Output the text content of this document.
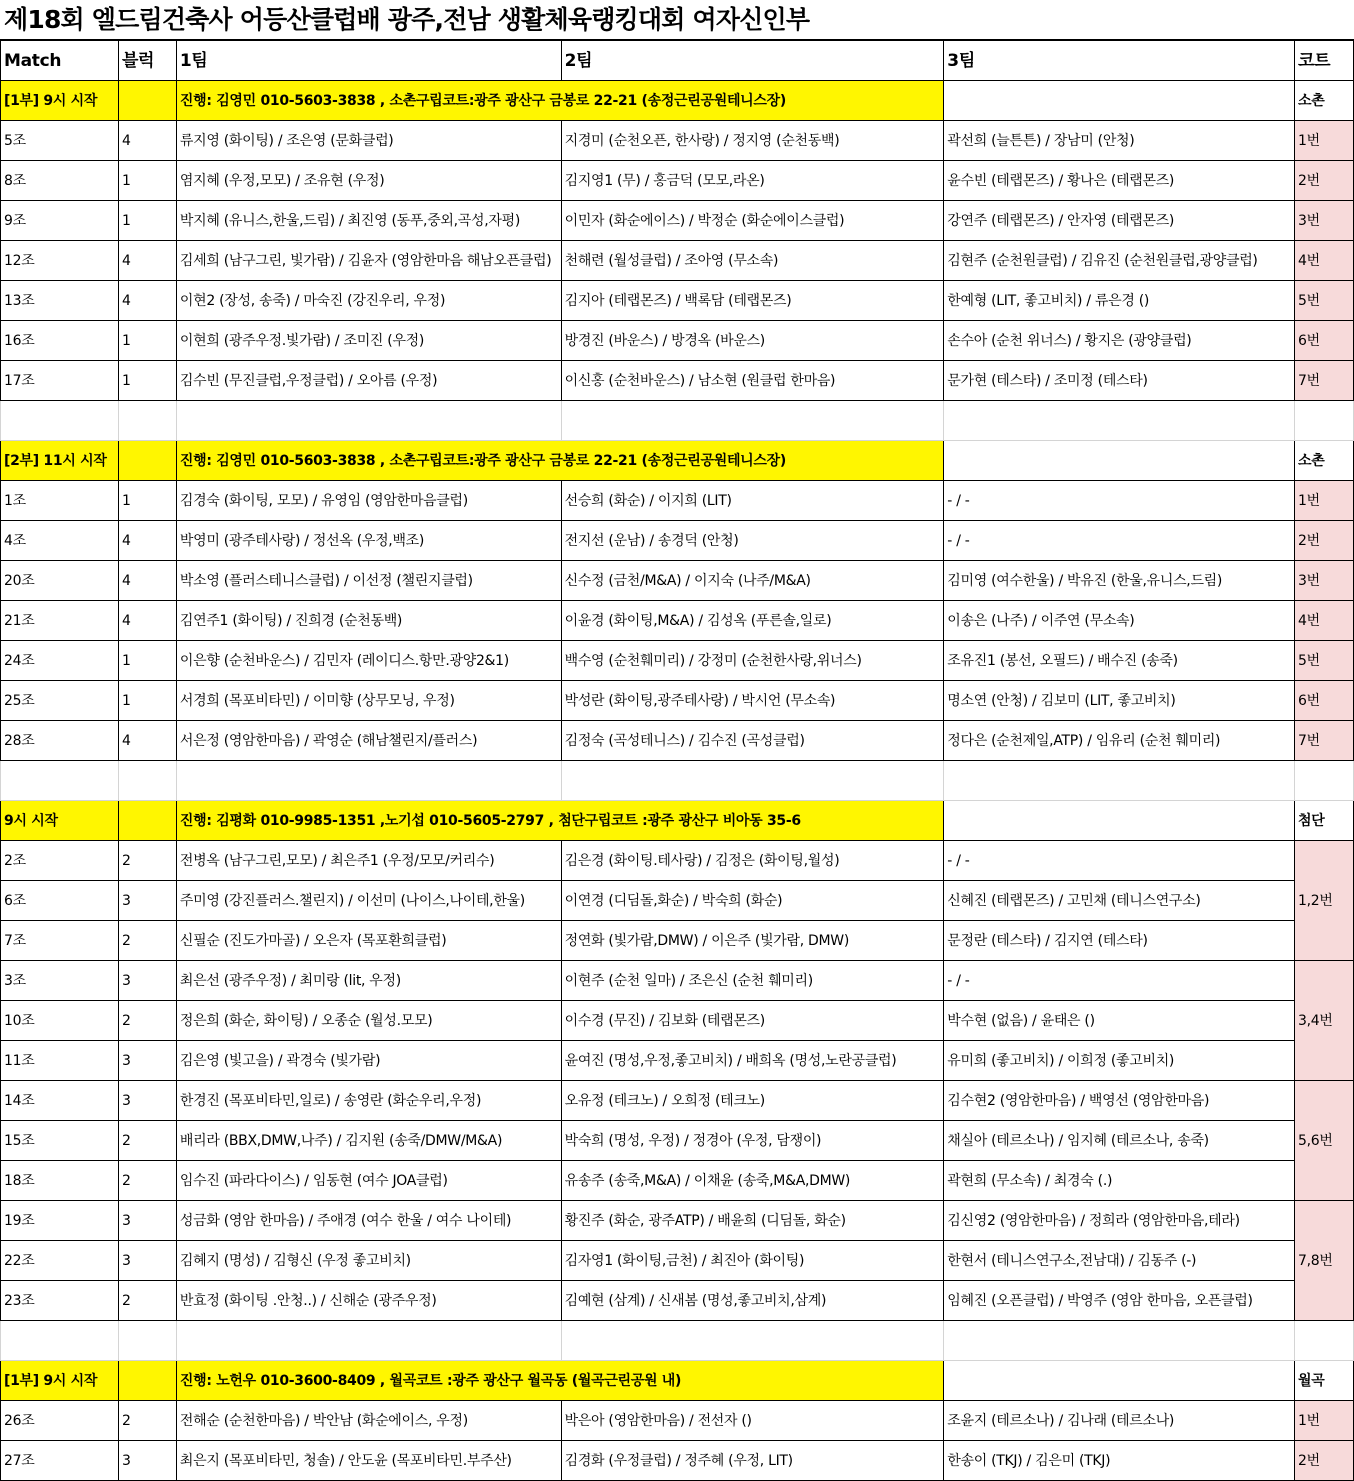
제18회 엘드림건축사 어등산클럽배 광주,전남 생활체육랭킹대회 여자신인부
Match	블럭	1팀	2팀	3팀	코트
[1부] 9시 시작		진행: 김영민 010-5603-3838 , 소촌구립코트:광주 광산구 금봉로 22-21 (송정근린공원테니스장)			소촌
5조	4	류지영 (화이팅) / 조은영 (문화클럽)	지경미 (순천오픈, 한사랑) / 정지영 (순천동백)	곽선희 (늘튼튼) / 장남미 (안청)	1번
8조	1	염지혜 (우정,모모) / 조유현 (우정)	김지영1 (무) / 홍금덕 (모모,라온)	윤수빈 (테랩몬즈) / 황나은 (테랩몬즈)	2번
9조	1	박지혜 (유니스,한울,드림) / 최진영 (동푸,중외,곡성,자평)	이민자 (화순에이스) / 박정순 (화순에이스클럽)	강연주 (테랩몬즈) / 안자영 (테랩몬즈)	3번
12조	4	김세희 (남구그린, 빛가람) / 김윤자 (영암한마음 해남오픈클럽)	천해련 (월성클럽) / 조아영 (무소속)	김현주 (순천원클럽) / 김유진 (순천원클럽,광양클럽)	4번
13조	4	이현2 (장성, 송죽) / 마숙진 (강진우리, 우정)	김지아 (테랩몬즈) / 백록담 (테랩몬즈)	한예형 (LIT, 좋고비치) / 류은경 ()	5번
16조	1	이현희 (광주우정.빛가람) / 조미진 (우정)	방경진 (바운스) / 방경옥 (바운스)	손수아 (순천 위너스) / 황지은 (광양클럽)	6번
17조	1	김수빈 (무진클럽,우정클럽) / 오아름 (우정)	이신홍 (순천바운스) / 남소현 (원클럽 한마음)	문가현 (테스타) / 조미정 (테스타)	7번

[2부] 11시 시작		진행: 김영민 010-5603-3838 , 소촌구립코트:광주 광산구 금봉로 22-21 (송정근린공원테니스장)			소촌
1조	1	김경숙 (화이팅, 모모) / 유영임 (영암한마음클럽)	선승희 (화순) / 이지희 (LIT)	- / -	1번
4조	4	박영미 (광주테사랑) / 정선옥 (우정,백조)	전지선 (운남) / 송경덕 (안청)	- / -	2번
20조	4	박소영 (플러스테니스클럽) / 이선정 (챌린지클럽)	신수정 (금천/M&A) / 이지숙 (나주/M&A)	김미영 (여수한울) / 박유진 (한울,유니스,드림)	3번
21조	4	김연주1 (화이팅) / 진희경 (순천동백)	이윤경 (화이팅,M&A) / 김성옥 (푸른솔,일로)	이송은 (나주) / 이주연 (무소속)	4번
24조	1	이은향 (순천바운스) / 김민자 (레이디스.항만.광양2&1)	백수영 (순천훼미리) / 강정미 (순천한사랑,위너스)	조유진1 (봉선, 오필드) / 배수진 (송죽)	5번
25조	1	서경희 (목포비타민) / 이미향 (상무모닝, 우정)	박성란 (화이팅,광주테사랑) / 박시언 (무소속)	명소연 (안청) / 김보미 (LIT, 좋고비치)	6번
28조	4	서은정 (영암한마음) / 곽영순 (해남챌린지/플러스)	김정숙 (곡성테니스) / 김수진 (곡성클럽)	정다은 (순천제일,ATP) / 임유리 (순천 훼미리)	7번

9시 시작		진행: 김평화 010-9985-1351 ,노기섭 010-5605-2797 , 첨단구립코트 :광주 광산구 비아동 35-6			첨단
2조	2	전병옥 (남구그린,모모) / 최은주1 (우정/모모/커리수)	김은경 (화이팅.테사랑) / 김정은 (화이팅,월성)	- / -	1,2번
6조	3	주미영 (강진플러스.챌린지) / 이선미 (나이스,나이테,한울)	이연경 (디딤돌,화순) / 박숙희 (화순)	신혜진 (테랩몬즈) / 고민채 (테니스연구소)	
7조	2	신필순 (진도가마골) / 오은자 (목포환희클럽)	정연화 (빛가람,DMW) / 이은주 (빛가람, DMW)	문정란 (테스타) / 김지연 (테스타)	
3조	3	최은선 (광주우정) / 최미랑 (lit, 우정)	이현주 (순천 일마) / 조은신 (순천 훼미리)	- / -	3,4번
10조	2	정은희 (화순, 화이팅) / 오종순 (월성.모모)	이수경 (무진) / 김보화 (테랩몬즈)	박수현 (없음) / 윤태은 ()	
11조	3	김은영 (빛고을) / 곽경숙 (빛가람)	윤여진 (명성,우정,좋고비치) / 배희옥 (명성,노란공클럽)	유미희 (좋고비치) / 이희정 (좋고비치)	
14조	3	한경진 (목포비타민,일로) / 송영란 (화순우리,우정)	오유정 (테크노) / 오희정 (테크노)	김수현2 (영암한마음) / 백영선 (영암한마음)	5,6번
15조	2	배리라 (BBX,DMW,나주) / 김지원 (송죽/DMW/M&A)	박숙희 (명성, 우정) / 정경아 (우정, 담쟁이)	채실아 (테르소나) / 임지혜 (테르소나, 송죽)	
18조	2	임수진 (파라다이스) / 임동현 (여수 JOA클럽)	유송주 (송죽,M&A) / 이채윤 (송죽,M&A,DMW)	곽현희 (무소속) / 최경숙 (.)	
19조	3	성금화 (영암 한마음) / 주애경 (여수 한울 / 여수 나이테)	황진주 (화순, 광주ATP) / 배윤희 (디딤돌, 화순)	김신영2 (영암한마음) / 정희라 (영암한마음,테라)	7,8번
22조	3	김혜지 (명성) / 김형신 (우정 좋고비치)	김자영1 (화이팅,금천) / 최진아 (화이팅)	한현서 (테니스연구소,전남대) / 김동주 (-)	
23조	2	반효정 (화이팅 .안청..) / 신해순 (광주우정)	김예현 (삼계) / 신새봄 (명성,좋고비치,삼계)	임혜진 (오픈클럽) / 박영주 (영암 한마음, 오픈클럽)	

[1부] 9시 시작		진행: 노헌우 010-3600-8409 , 월곡코트 :광주 광산구 월곡동 (월곡근린공원 내)			월곡
26조	2	전해순 (순천한마음) / 박안남 (화순에이스, 우정)	박은아 (영암한마음) / 전선자 ()	조윤지 (테르소나) / 김나래 (테르소나)	1번
27조	3	최은지 (목포비타민, 청솔) / 안도윤 (목포비타민.부주산)	김경화 (우정클럽) / 정주혜 (우정, LIT)	한송이 (TKJ) / 김은미 (TKJ)	2번
